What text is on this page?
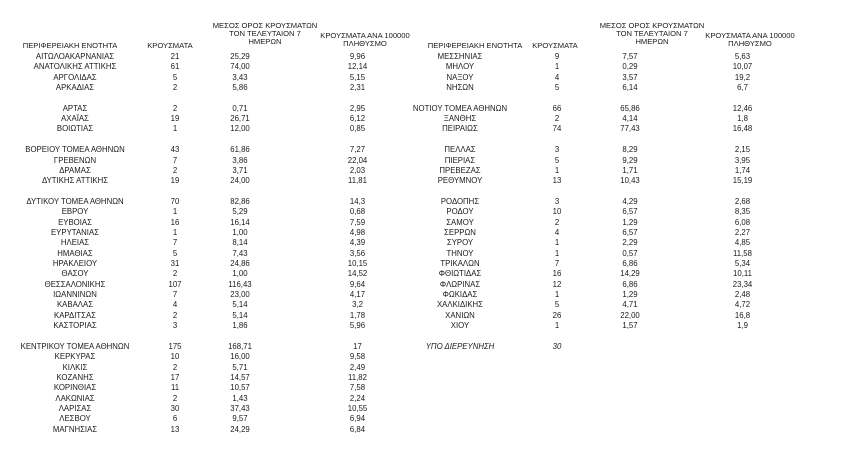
ΠΕΡΙΦΕΡΕΙΑΚΗ ΕΝΟΤΗΤΑ	ΚΡΟΥΣΜΑΤΑ
ΜΕΣΟΣ ΟΡΟΣ ΚΡΟΥΣΜΑΤΩΝ
ΤΟΝ ΤΕΛΕΥΤΑΙΟΝ 7
ΗΜΕΡΩΝ
ΚΡΟΥΣΜΑΤΑ ΑΝΑ 100000
ΠΛΗΘΥΣΜΟ	ΠΕΡΙΦΕΡΕΙΑΚΗ ΕΝΟΤΗΤΑ	ΚΡΟΥΣΜΑΤΑ
ΜΕΣΟΣ ΟΡΟΣ ΚΡΟΥΣΜΑΤΩΝ
ΤΟΝ ΤΕΛΕΥΤΑΙΟΝ 7
ΗΜΕΡΩΝ
ΚΡΟΥΣΜΑΤΑ ΑΝΑ 100000
ΠΛΗΘΥΣΜΟ
ΑΙΤΩΛΟΑΚΑΡΝΑΝΙΑΣ	21	25,29	9,96
ΑΝΑΤΟΛΙΚΗΣ ΑΤΤΙΚΗΣ	61	74,00	12,14
ΑΡΓΟΛΙΔΑΣ	5	3,43	5,15
ΑΡΚΑΔΙΑΣ	2	5,86	2,31
ΑΡΤΑΣ	2	0,71	2,95
ΑΧΑΪΑΣ	19	26,71	6,12
ΒΟΙΩΤΙΑΣ	1	12,00	0,85
ΒΟΡΕΙΟΥ ΤΟΜΕΑ ΑΘΗΝΩΝ	43	61,86	7,27
ΓΡΕΒΕΝΩΝ	7	3,86	22,04
ΔΡΑΜΑΣ	2	3,71	2,03
ΔΥΤΙΚΗΣ ΑΤΤΙΚΗΣ	19	24,00	11,81
ΔΥΤΙΚΟΥ ΤΟΜΕΑ ΑΘΗΝΩΝ	70	82,86	14,3
ΕΒΡΟΥ	1	5,29	0,68
ΕΥΒΟΙΑΣ	16	16,14	7,59
ΕΥΡΥΤΑΝΙΑΣ	1	1,00	4,98
ΗΛΕΙΑΣ	7	8,14	4,39
ΗΜΑΘΙΑΣ	5	7,43	3,56
ΗΡΑΚΛΕΙΟΥ	31	24,86	10,15
ΘΑΣΟΥ	2	1,00	14,52
ΘΕΣΣΑΛΟΝΙΚΗΣ	107	116,43	9,64
ΙΩΑΝΝΙΝΩΝ	7	23,00	4,17
ΚΑΒΑΛΑΣ	4	5,14	3,2
ΚΑΡΔΙΤΣΑΣ	2	5,14	1,78
ΚΑΣΤΟΡΙΑΣ	3	1,86	5,96
ΚΕΝΤΡΙΚΟΥ ΤΟΜΕΑ ΑΘΗΝΩΝ	175	168,71	17
ΚΕΡΚΥΡΑΣ	10	16,00	9,58
ΚΙΛΚΙΣ	2	5,71	2,49
ΚΟΖΑΝΗΣ	17	14,57	11,82
ΚΟΡΙΝΘΙΑΣ	11	10,57	7,58
ΛΑΚΩΝΙΑΣ	2	1,43	2,24
ΛΑΡΙΣΑΣ	30	37,43	10,55
ΛΕΣΒΟΥ	6	9,57	6,94
ΜΑΓΝΗΣΙΑΣ	13	24,29	6,84
ΜΕΣΣΗΝΙΑΣ	9	7,57	5,63
ΜΗΛΟΥ	1	0,29	10,07
ΝΑΞΟΥ	4	3,57	19,2
ΝΗΣΩΝ	5	6,14	6,7
ΝΟΤΙΟΥ ΤΟΜΕΑ ΑΘΗΝΩΝ	66	65,86	12,46
ΞΑΝΘΗΣ	2	4,14	1,8
ΠΕΙΡΑΙΩΣ	74	77,43	16,48
ΠΕΛΛΑΣ	3	8,29	2,15
ΠΙΕΡΙΑΣ	5	9,29	3,95
ΠΡΕΒΕΖΑΣ	1	1,71	1,74
ΡΕΘΥΜΝΟΥ	13	10,43	15,19
ΡΟΔΟΠΗΣ	3	4,29	2,68
ΡΟΔΟΥ	10	6,57	8,35
ΣΑΜΟΥ	2	1,29	6,08
ΣΕΡΡΩΝ	4	6,57	2,27
ΣΥΡΟΥ	1	2,29	4,85
ΤΗΝΟΥ	1	0,57	11,58
ΤΡΙΚΑΛΩΝ	7	6,86	5,34
ΦΘΙΩΤΙΔΑΣ	16	14,29	10,11
ΦΛΩΡΙΝΑΣ	12	6,86	23,34
ΦΩΚΙΔΑΣ	1	1,29	2,48
ΧΑΛΚΙΔΙΚΗΣ	5	4,71	4,72
ΧΑΝΙΩΝ	26	22,00	16,8
ΧΙΟΥ	1	1,57	1,9
ΥΠΟ ΔΙΕΡΕΥΝΗΣΗ	30
